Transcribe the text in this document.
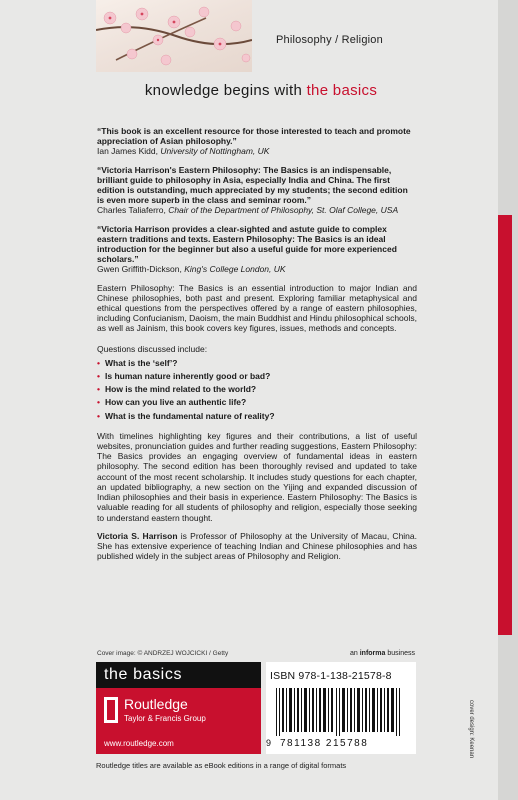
Philosophy / Religion
knowledge begins with the basics
“This book is an excellent resource for those interested to teach and promote appreciation of Asian philosophy.”
Ian James Kidd, University of Nottingham, UK
“Victoria Harrison's Eastern Philosophy: The Basics is an indispensable, brilliant guide to philosophy in Asia, especially India and China. The first edition is outstanding, much appreciated by my students; the second edition is even more superb in the class and seminar room.”
Charles Taliaferro, Chair of the Department of Philosophy, St. Olaf College, USA
“Victoria Harrison provides a clear-sighted and astute guide to complex eastern traditions and texts. Eastern Philosophy: The Basics is an ideal introduction for the beginner but also a useful guide for more experienced scholars.”
Gwen Griffith-Dickson, King's College London, UK
Eastern Philosophy: The Basics is an essential introduction to major Indian and Chinese philosophies, both past and present. Exploring familiar metaphysical and ethical questions from the perspectives offered by a range of eastern philosophies, including Confucianism, Daoism, the main Buddhist and Hindu philosophical schools, as well as Jainism, this book covers key figures, issues, methods and concepts.
Questions discussed include:
• What is the ‘self’?
• Is human nature inherently good or bad?
• How is the mind related to the world?
• How can you live an authentic life?
• What is the fundamental nature of reality?
With timelines highlighting key figures and their contributions, a list of useful websites, pronunciation guides and further reading suggestions, Eastern Philosophy: The Basics provides an engaging overview of fundamental ideas in eastern philosophy. The second edition has been thoroughly revised and updated to take account of the most recent scholarship. It includes study questions for each chapter, an updated bibliography, a new section on the Yijing and expanded discussion of Indian philosophies and their basis in experience. Eastern Philosophy: The Basics is valuable reading for all students of philosophy and religion, especially those seeking to understand eastern thought.
Victoria S. Harrison is Professor of Philosophy at the University of Macau, China. She has extensive experience of teaching Indian and Chinese philosophies and has published widely in the subject areas of Philosophy and Religion.
Cover image: © ANDRZEJ WOJCICKI / Getty	an informa business
the basics
Routledge
Taylor & Francis Group
www.routledge.com
ISBN 978-1-138-21578-8
9 781138 215788	cover design: Keenan
Routledge titles are available as eBook editions in a range of digital formats
